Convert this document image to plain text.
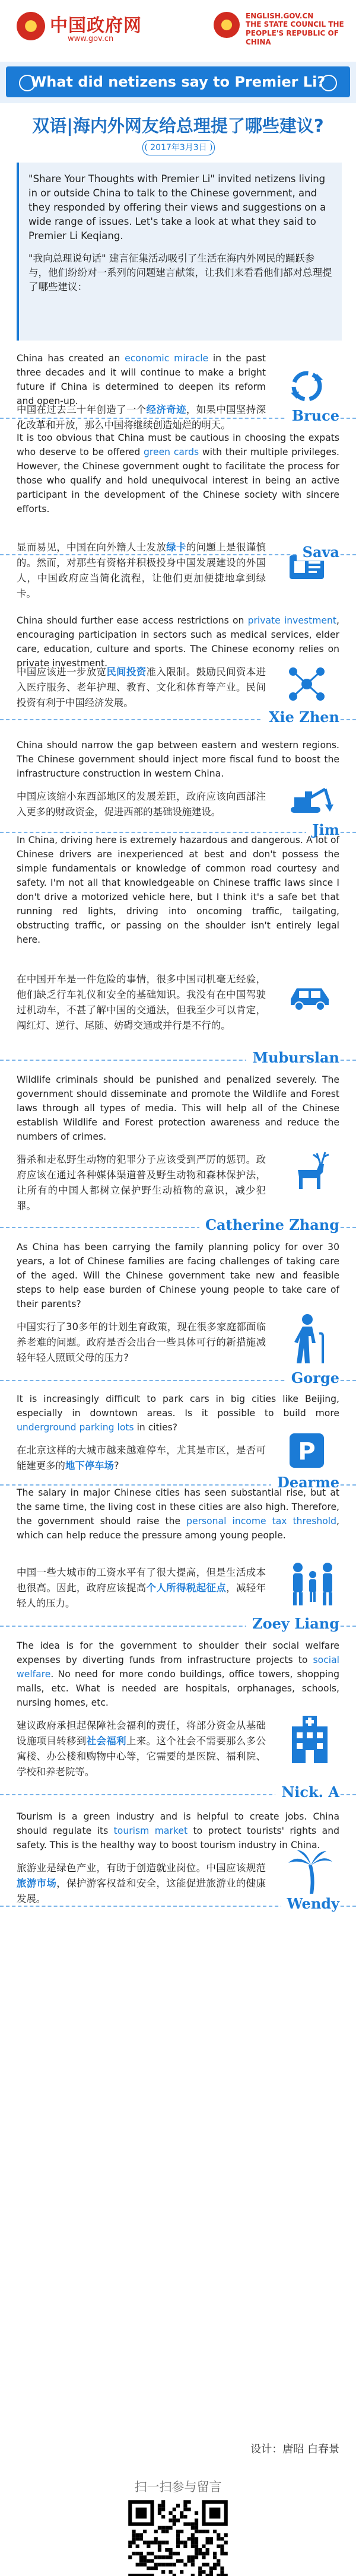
中国政府网
www.gov.cn
ENGLISH.GOV.CN
THE STATE COUNCIL THE PEOPLE'S REPUBLIC OF CHINA
What did netizens say to Premier Li?
双语|海内外网友给总理提了哪些建议?
( 2017年3月3日 )

"Share Your Thoughts with Premier Li" invited netizens living in or outside China to talk to the Chinese government, and they responded by offering their views and suggestions on a wide range of issues. Let's take a look at what they said to Premier Li Keqiang.

"我向总理说句话" 建言征集活动吸引了生活在海内外网民的踊跃参与，他们纷纷对一系列的问题建言献策，让我们来看看他们都对总理提了哪些建议：

China has created an economic miracle in the past three decades and it will continue to make a bright future if China is determined to deepen its reform and open-up.
中国在过去三十年创造了一个经济奇迹，如果中国坚持深化改革和开放，那么中国将继续创造灿烂的明天。
Bruce
It is too obvious that China must be cautious in choosing the expats who deserve to be offered green cards with their multiple privileges. However, the Chinese government ought to facilitate the process for those who qualify and hold unequivocal interest in being an active participant in the development of the Chinese society with sincere efforts.
显而易见，中国在向外籍人士发放绿卡的问题上是很谨慎的。然而，对那些有资格并积极投身中国发展建设的外国人，中国政府应当简化流程，让他们更加便捷地拿到绿卡。
Sava
China should further ease access restrictions on private investment, encouraging participation in sectors such as medical services, elder care, education, culture and sports. The Chinese economy relies on private investment.
中国应该进一步放宽民间投资准入限制。鼓励民间资本进入医疗服务、老年护理、教育、文化和体育等产业。民间投资有利于中国经济发展。
Xie Zhen
China should narrow the gap between eastern and western regions. The Chinese government should inject more fiscal fund to boost the infrastructure construction in western China.
中国应该缩小东西部地区的发展差距，政府应该向西部注入更多的财政资金，促进西部的基础设施建设。
Jim
In China, driving here is extremely hazardous and dangerous. A lot of Chinese drivers are inexperienced at best and don't possess the simple fundamentals or knowledge of common road courtesy and safety. I'm not all that knowledgeable on Chinese traffic laws since I don't drive a motorized vehicle here, but I think it's a safe bet that running red lights, driving into oncoming traffic, tailgating, obstructing traffic, or passing on the shoulder isn't entirely legal here.
在中国开车是一件危险的事情，很多中国司机毫无经验，他们缺乏行车礼仪和安全的基础知识。我没有在中国驾驶过机动车，不甚了解中国的交通法，但我至少可以肯定，闯红灯、逆行、尾随、妨碍交通或并行是不行的。
Muburslan
Wildlife criminals should be punished and penalized severely. The government should disseminate and promote the Wildlife and Forest laws through all types of media. This will help all of the Chinese establish Wildlife and Forest protection awareness and reduce the numbers of crimes.
猎杀和走私野生动物的犯罪分子应该受到严厉的惩罚。政府应该在通过各种媒体渠道普及野生动物和森林保护法，让所有的中国人都树立保护野生动植物的意识，减少犯罪。
Catherine Zhang
As China has been carrying the family planning policy for over 30 years, a lot of Chinese families are facing challenges of taking care of the aged. Will the Chinese government take new and feasible steps to help ease burden of Chinese young people to take care of their parents?
中国实行了30多年的计划生育政策，现在很多家庭都面临养老难的问题。政府是否会出台一些具体可行的新措施减轻年轻人照顾父母的压力?
Gorge
It is increasingly difficult to park cars in big cities like Beijing, especially in downtown areas. Is it possible to build more underground parking lots in cities?
在北京这样的大城市越来越难停车，尤其是市区，是否可能建更多的地下停车场?
P
Dearme
The salary in major Chinese cities has seen substantial rise, but at the same time, the living cost in these cities are also high. Therefore, the government should raise the personal income tax threshold, which can help reduce the pressure among young people.
中国一些大城市的工资水平有了很大提高，但是生活成本也很高。因此，政府应该提高个人所得税起征点，减轻年轻人的压力。
Zoey Liang
The idea is for the government to shoulder their social welfare expenses by diverting funds from infrastructure projects to social welfare. No need for more condo buildings, office towers, shopping malls, etc. What is needed are hospitals, orphanages, schools, nursing homes, etc.
建议政府承担起保障社会福利的责任，将部分资金从基础设施项目转移到社会福利上来。这个社会不需要那么多公寓楼、办公楼和购物中心等，它需要的是医院、福利院、学校和养老院等。
Nick. A
Tourism is a green industry and is helpful to create jobs. China should regulate its tourism market to protect tourists' rights and safety. This is the healthy way to boost tourism industry in China.
旅游业是绿色产业，有助于创造就业岗位。中国应该规范旅游市场，保护游客权益和安全，这能促进旅游业的健康发展。	Wendy
设计：唐昭 白春景
扫一扫参与留言
